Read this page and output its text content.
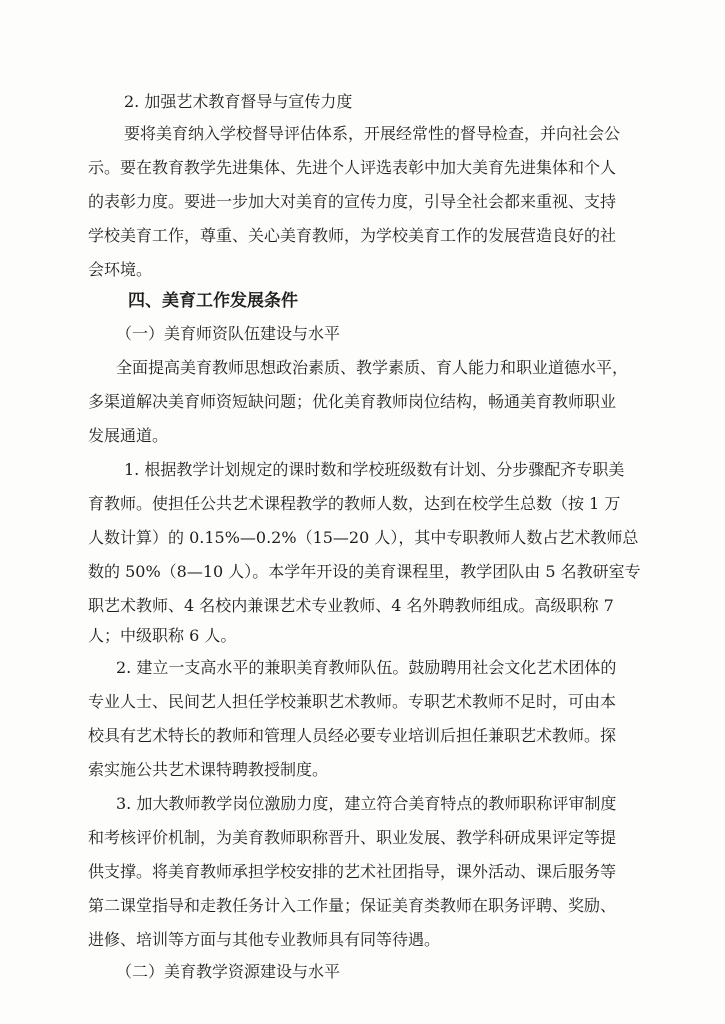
2. 加强艺术教育督导与宣传力度
要将美育纳入学校督导评估体系，开展经常性的督导检查，并向社会公
示。要在教育教学先进集体、先进个人评选表彰中加大美育先进集体和个人
的表彰力度。要进一步加大对美育的宣传力度，引导全社会都来重视、支持
学校美育工作，尊重、关心美育教师，为学校美育工作的发展营造良好的社
会环境。
四、美育工作发展条件
（一）美育师资队伍建设与水平
全面提高美育教师思想政治素质、教学素质、育人能力和职业道德水平，
多渠道解决美育师资短缺问题；优化美育教师岗位结构，畅通美育教师职业
发展通道。
1. 根据教学计划规定的课时数和学校班级数有计划、分步骤配齐专职美
育教师。使担任公共艺术课程教学的教师人数，达到在校学生总数（按 1 万
人数计算）的 0.15%—0.2%（15—20 人），其中专职教师人数占艺术教师总
数的 50%（8—10 人）。本学年开设的美育课程里，教学团队由 5 名教研室专
职艺术教师、4 名校内兼课艺术专业教师、4 名外聘教师组成。高级职称 7
人；中级职称 6 人。
2. 建立一支高水平的兼职美育教师队伍。鼓励聘用社会文化艺术团体的
专业人士、民间艺人担任学校兼职艺术教师。专职艺术教师不足时，可由本
校具有艺术特长的教师和管理人员经必要专业培训后担任兼职艺术教师。探
索实施公共艺术课特聘教授制度。
3. 加大教师教学岗位激励力度，建立符合美育特点的教师职称评审制度
和考核评价机制，为美育教师职称晋升、职业发展、教学科研成果评定等提
供支撑。将美育教师承担学校安排的艺术社团指导，课外活动、课后服务等
第二课堂指导和走教任务计入工作量；保证美育类教师在职务评聘、奖励、
进修、培训等方面与其他专业教师具有同等待遇。
（二）美育教学资源建设与水平
